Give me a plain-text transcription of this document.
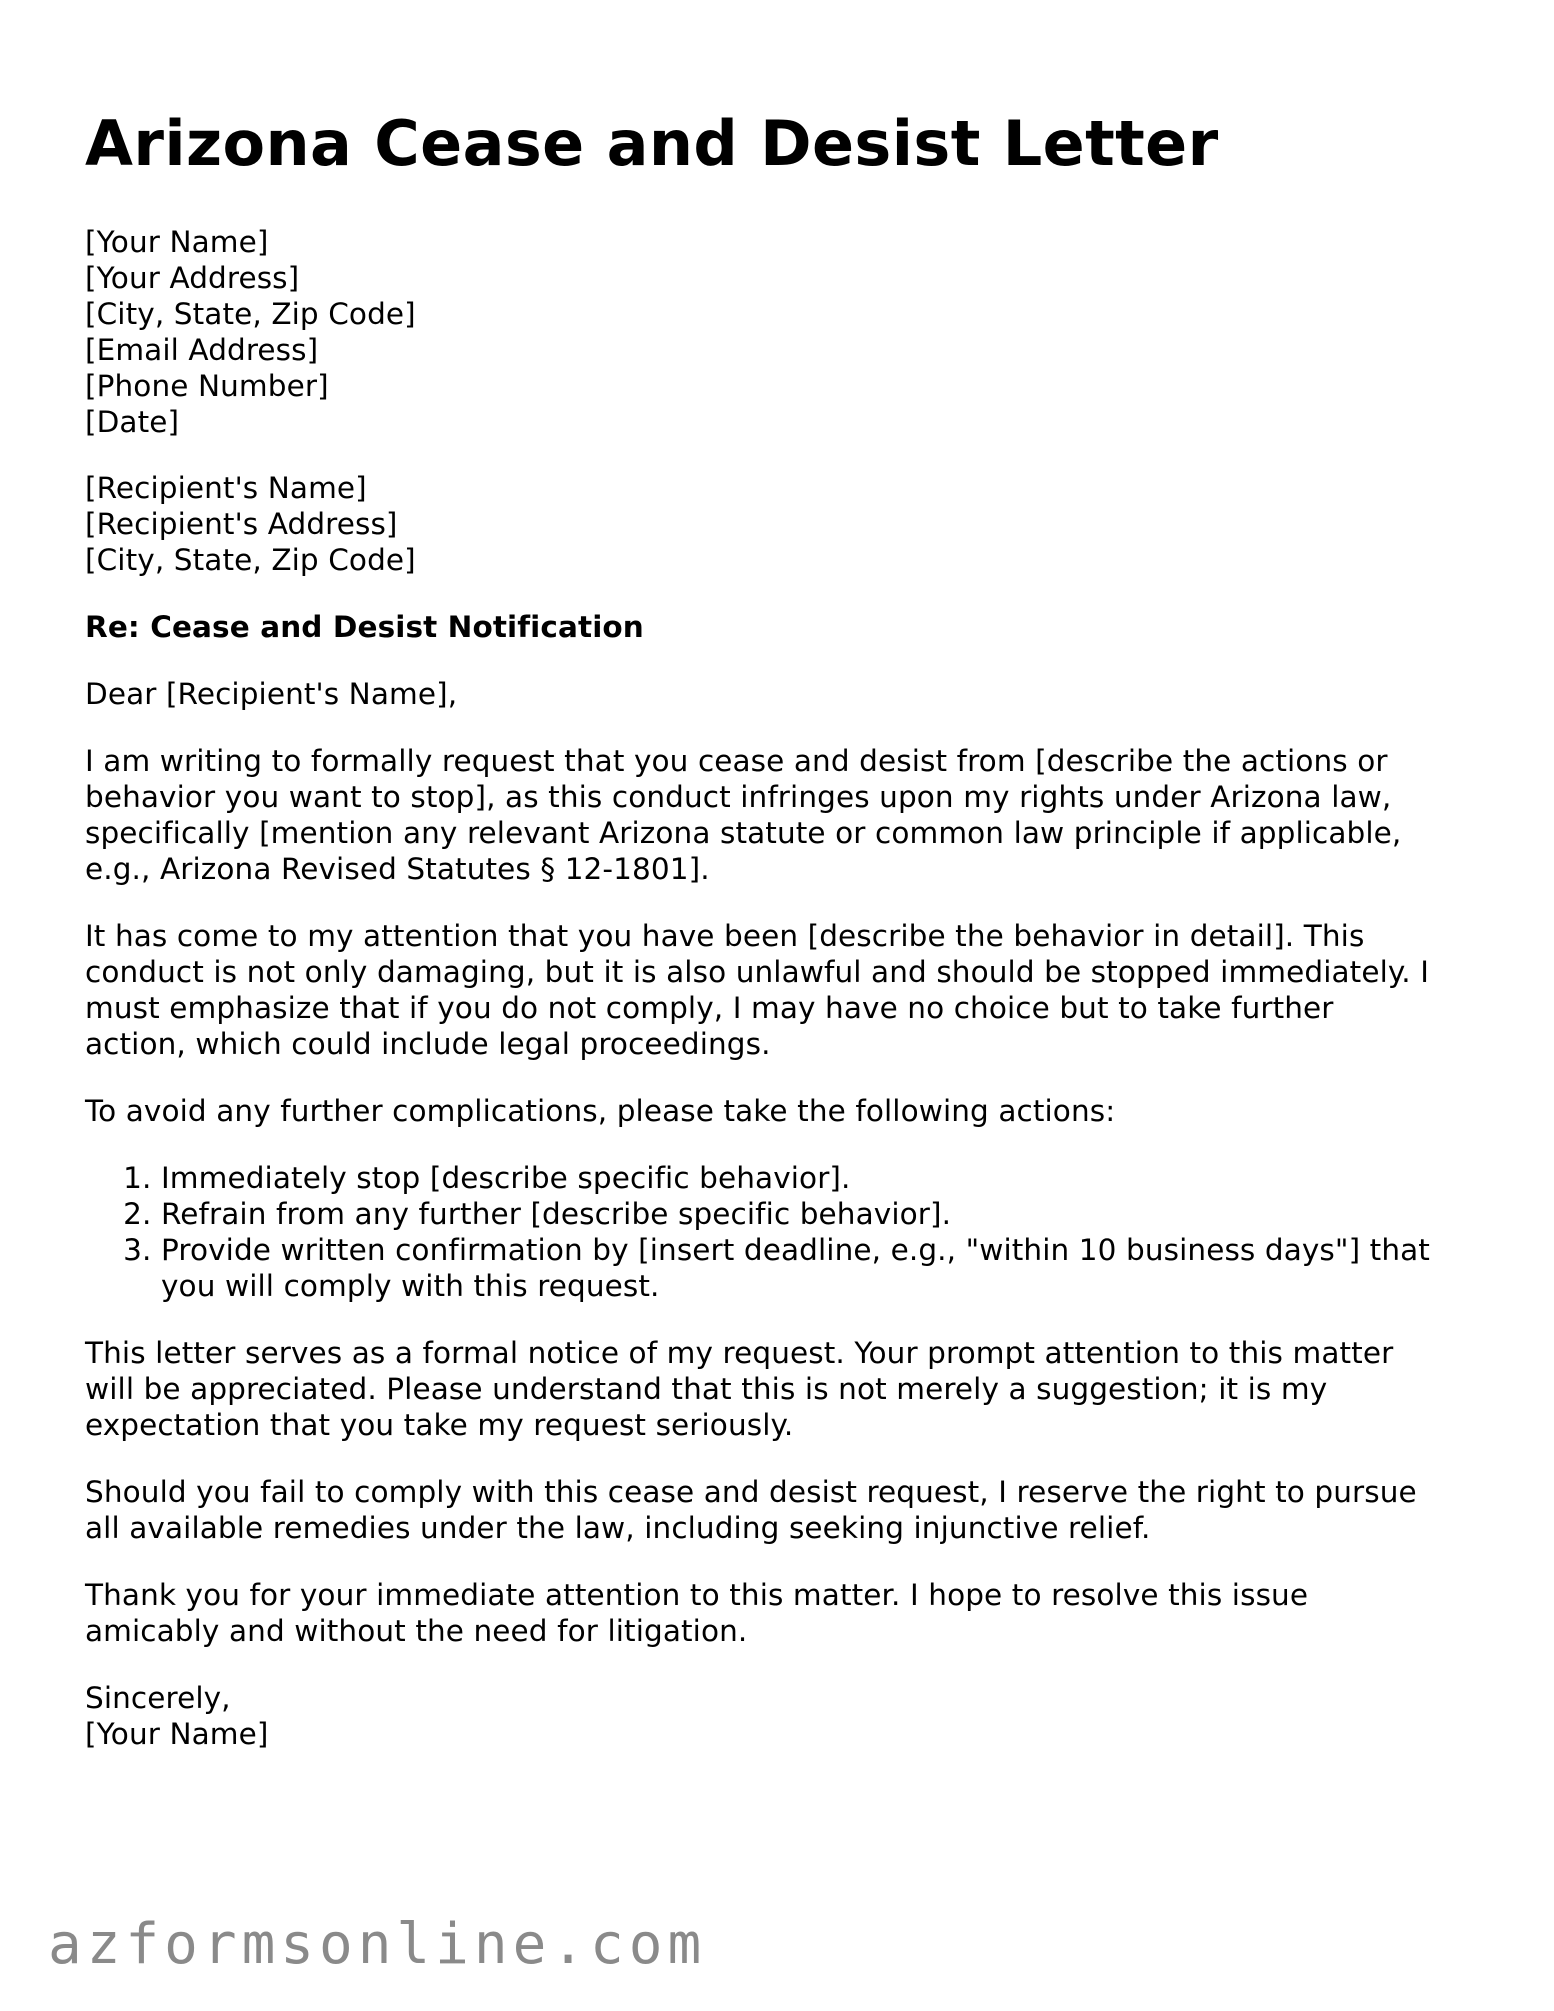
Arizona Cease and Desist Letter
[Your Name]
[Your Address]
[City, State, Zip Code]
[Email Address]
[Phone Number]
[Date]
[Recipient's Name]
[Recipient's Address]
[City, State, Zip Code]

Re: Cease and Desist Notification

Dear [Recipient's Name],

I am writing to formally request that you cease and desist from [describe the actions or
behavior you want to stop], as this conduct infringes upon my rights under Arizona law,
specifically [mention any relevant Arizona statute or common law principle if applicable,
e.g., Arizona Revised Statutes § 12-1801].

It has come to my attention that you have been [describe the behavior in detail]. This
conduct is not only damaging, but it is also unlawful and should be stopped immediately. I
must emphasize that if you do not comply, I may have no choice but to take further
action, which could include legal proceedings.

To avoid any further complications, please take the following actions:

1. Immediately stop [describe specific behavior].
2. Refrain from any further [describe specific behavior].
3. Provide written confirmation by [insert deadline, e.g., "within 10 business days"] that
you will comply with this request.

This letter serves as a formal notice of my request. Your prompt attention to this matter
will be appreciated. Please understand that this is not merely a suggestion; it is my
expectation that you take my request seriously.

Should you fail to comply with this cease and desist request, I reserve the right to pursue
all available remedies under the law, including seeking injunctive relief.

Thank you for your immediate attention to this matter. I hope to resolve this issue
amicably and without the need for litigation.

Sincerely,
[Your Name]
azformsonline.com
